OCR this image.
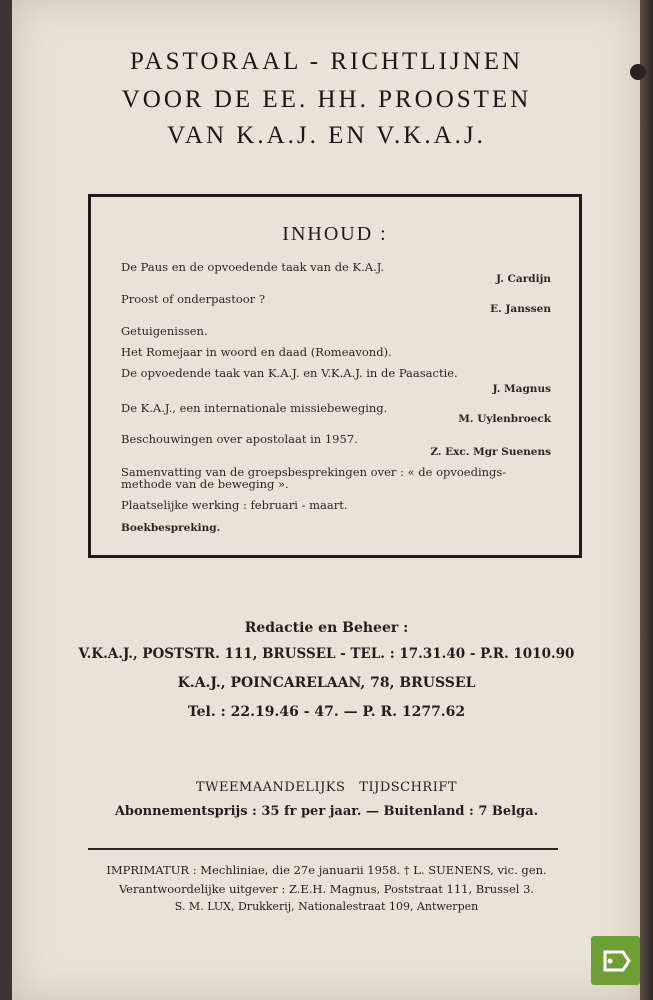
PASTORAAL - RICHTLIJNEN
VOOR DE EE. HH. PROOSTEN
VAN K.A.J. EN V.K.A.J.
INHOUD :
De Paus en de opvoedende taak van de K.A.J.
J. Cardijn
Proost of onderpastoor ?
E. Janssen
Getuigenissen.
Het Romejaar in woord en daad (Romeavond).
De opvoedende taak van K.A.J. en V.K.A.J. in de Paasactie.
J. Magnus
De K.A.J., een internationale missiebeweging.
M. Uylenbroeck
Beschouwingen over apostolaat in 1957.
Z. Exc. Mgr Suenens
Samenvatting van de groepsbesprekingen over : « de opvoedings-
methode van de beweging ».
Plaatselijke werking : februari - maart.
Boekbespreking.
Redactie en Beheer :
V.K.A.J., POSTSTR. 111, BRUSSEL - TEL. : 17.31.40 - P.R. 1010.90
K.A.J., POINCARELAAN, 78, BRUSSEL
Tel. : 22.19.46 - 47. — P. R. 1277.62
TWEEMAANDELIJKS   TIJDSCHRIFT
Abonnementsprijs : 35 fr per jaar. — Buitenland : 7 Belga.
IMPRIMATUR : Mechliniae, die 27e januarii 1958. † L. SUENENS, vic. gen.
Verantwoordelijke uitgever : Z.E.H. Magnus, Poststraat 111, Brussel 3.
S. M. LUX, Drukkerij, Nationalestraat 109, Antwerpen
